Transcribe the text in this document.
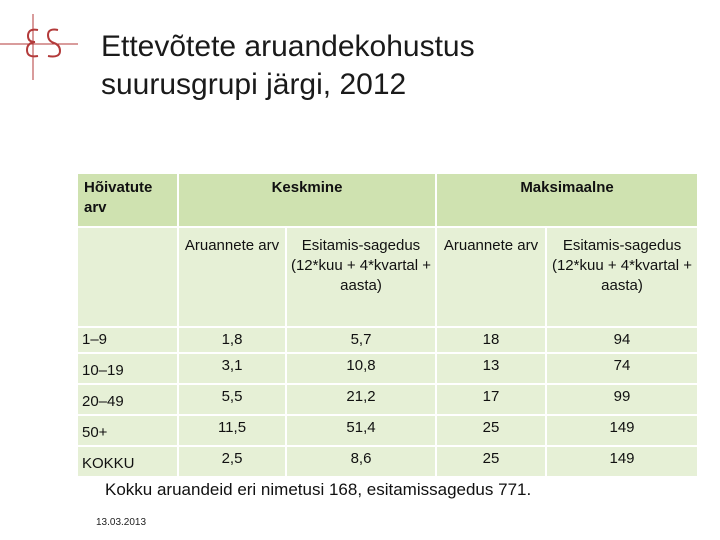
Ettevõtete aruandekohustus
suurusgrupi järgi, 2012
Hõivatute arv	Keskmine		Maksimaalne	
	Aruannete arv	Esitamis-sagedus (12*kuu + 4*kvartal + aasta)	Aruannete arv	Esitamis-sagedus (12*kuu + 4*kvartal + aasta)
1–9	1,8	5,7	18	94
10–19	3,1	10,8	13	74
20–49	5,5	21,2	17	99
50+	11,5	51,4	25	149
KOKKU	2,5	8,6	25	149
Kokku aruandeid eri nimetusi 168, esitamissagedus 771.
13.03.2013
